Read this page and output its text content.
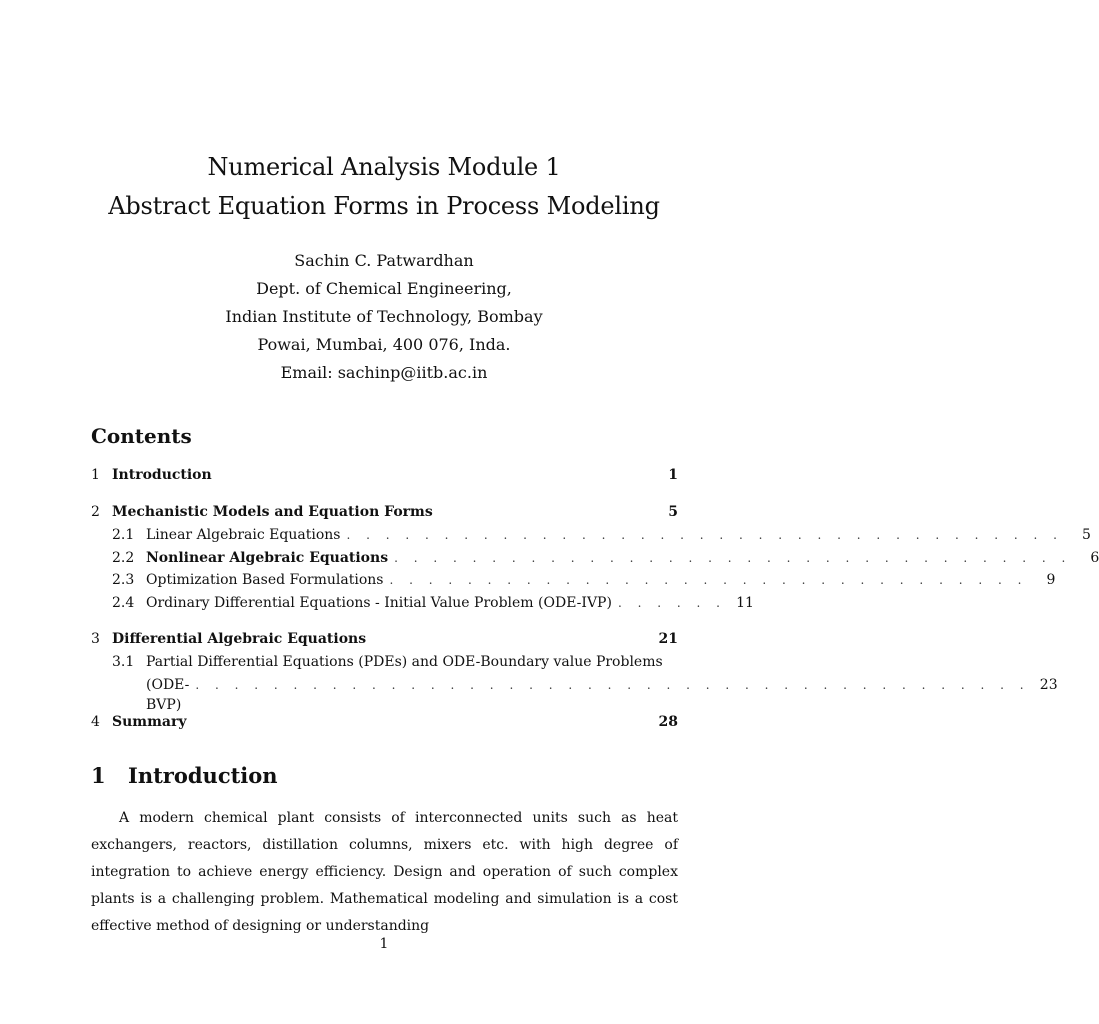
Numerical Analysis Module 1
Abstract Equation Forms in Process Modeling

Sachin C. Patwardhan

Dept. of Chemical Engineering,

Indian Institute of Technology, Bombay

Powai, Mumbai, 400 076, Inda.

Email: sachinp@iitb.ac.in

Contents
1 Introduction	1
2 Mechanistic Models and Equation Forms	5
2.1 Linear Algebraic Equations . . . . . . . . . . . . . . . . . . . . . . . . . . . . . . . . . . . . .	5
2.2 Nonlinear Algebraic Equations . . . . . . . . . . . . . . . . . . . . . . . . . . . . . . . . . . .	6
2.3 Optimization Based Formulations . . . . . . . . . . . . . . . . . . . . . . . . . . . . . . . . .	9
2.4 Ordinary Differential Equations - Initial Value Problem (ODE-IVP) . . . . . . 11
3 Differential Algebraic Equations	21
3.1 Partial Differential Equations (PDEs) and ODE-Boundary value Problems
(ODE-BVP)
. . . . . . . . . . . . . . . . . . . . . . . . . . . . . . . . . . . . . . . . . . . 23
4 Summary	28
1	Introduction

A modern chemical plant consists of interconnected units such as heat exchangers, reactors, distillation columns, mixers etc. with high degree of integration to achieve energy efficiency. Design and operation of such complex plants is a challenging problem. Mathematical modeling and simulation is a cost effective method of designing or understanding

1
